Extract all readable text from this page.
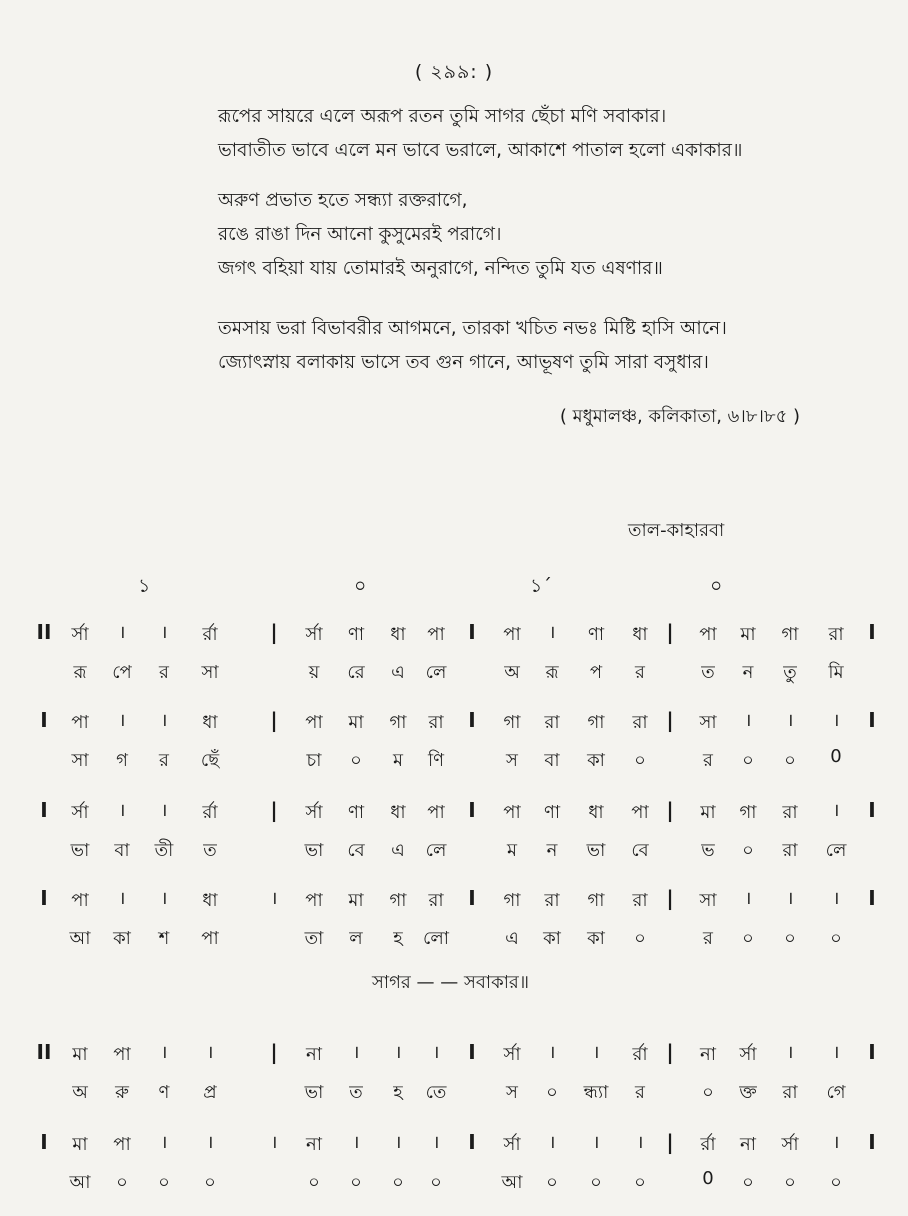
( ২৯৯: )
রূপের সায়রে এলে অরূপ রতন তুমি সাগর ছেঁচা মণি সবাকার।
ভাবাতীত ভাবে এলে মন ভাবে ভরালে, আকাশে পাতাল হলো একাকার॥
অরুণ প্রভাত হতে সন্ধ্যা রক্তরাগে,
রঙে রাঙা দিন আনো কুসুমেরই পরাগে।
জগৎ বহিয়া যায় তোমারই অনুরাগে, নন্দিত তুমি যত এষণার॥
তমসায় ভরা বিভাবরীর আগমনে, তারকা খচিত নভঃ মিষ্টি হাসি আনে।
জ্যোৎস্নায় বলাকায় ভাসে তব গুন গানে, আভূষণ তুমি সারা বসুধার।
( মধুমালঞ্চ, কলিকাতা, ৬।৮।৮৫ )
তাল-কাহারবা
১	০	১´	০
সাগর — — সবাকার॥
II	র্সা	।	।	র্রা	|	র্সা	ণা	ধা	পা	I	পা	।	ণা	ধা |	পা	মা	গা	রা	I
রূ	পে	র	সা	য়	রে	এ	লে	অ	রূ	প	র	ত	ন	তু	মি
I	পা	।	।	ধা	|	পা	মা	গা	রা	I	গা	রা	গা	রা |	সা	।	।	।	I
সা	গ	র	ছেঁ	চা	০	ম	ণি	স	বা	কা	০	র	০	০	0
I	র্সা	।	।	র্রা	|	র্সা	ণা	ধা	পা	I	পা	ণা	ধা	পা |	মা	গা	রা	।	I
ভা	বা	তী	ত	ভা	বে	এ	লে	ম	ন	ভা	বে	ভ	০	রা	লে
I	পা	।	।	ধা	।	পা	মা	গা	রা	I	গা	রা	গা	রা |	সা	।	।	।	I
আ	কা	শ	পা	তা	ল	হ	লো	এ	কা	কা	০	র	০	০	০
II	মা	পা	।	।	|	না	।	।	।	I	র্সা	।	।	র্রা |	না	র্সা	।	।	I
অ	রু	ণ	প্র	ভা	ত	হ	তে	স	০	ন্ধ্যা	র	০	ক্ত	রা	গে
I	মা	পা	।	।	।	না	।	।	।	I	র্সা	।	।	।	|	র্রা	না	র্সা	।	I
আ	০	০	০	০	০	০	০	আ	০	০	০	0	০	০	০
